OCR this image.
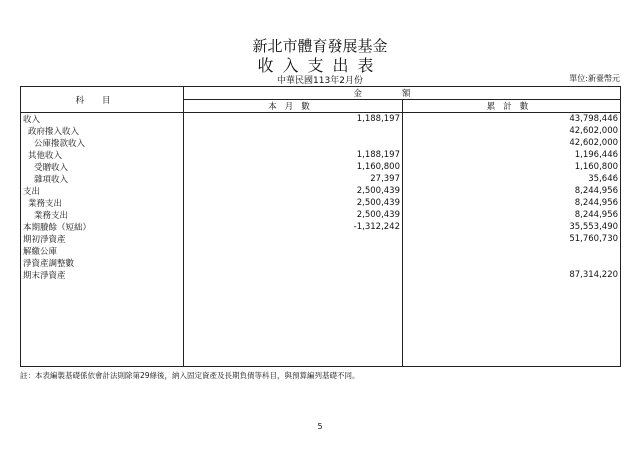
新北市體育發展基金
收入支出表
中華民國113年2月份	單位:新臺幣元
科目	金額	
	本月數	累計數
收入	1,188,197	43,798,446
政府撥入收入		42,602,000
公庫撥款收入		42,602,000
其他收入	1,188,197	1,196,446
受贈收入	1,160,800	1,160,800
雜項收入	27,397	35,646
支出	2,500,439	8,244,956
業務支出	2,500,439	8,244,956
業務支出	2,500,439	8,244,956
本期賸餘（短絀）	-1,312,242	35,553,490
期初淨資產		51,760,730
解繳公庫		
淨資產調整數		
期末淨資產		87,314,220

註：本表編製基礎係依會計法則除第29條後，納入固定資產及長期負債等科目，與預算編列基礎不同。
5
